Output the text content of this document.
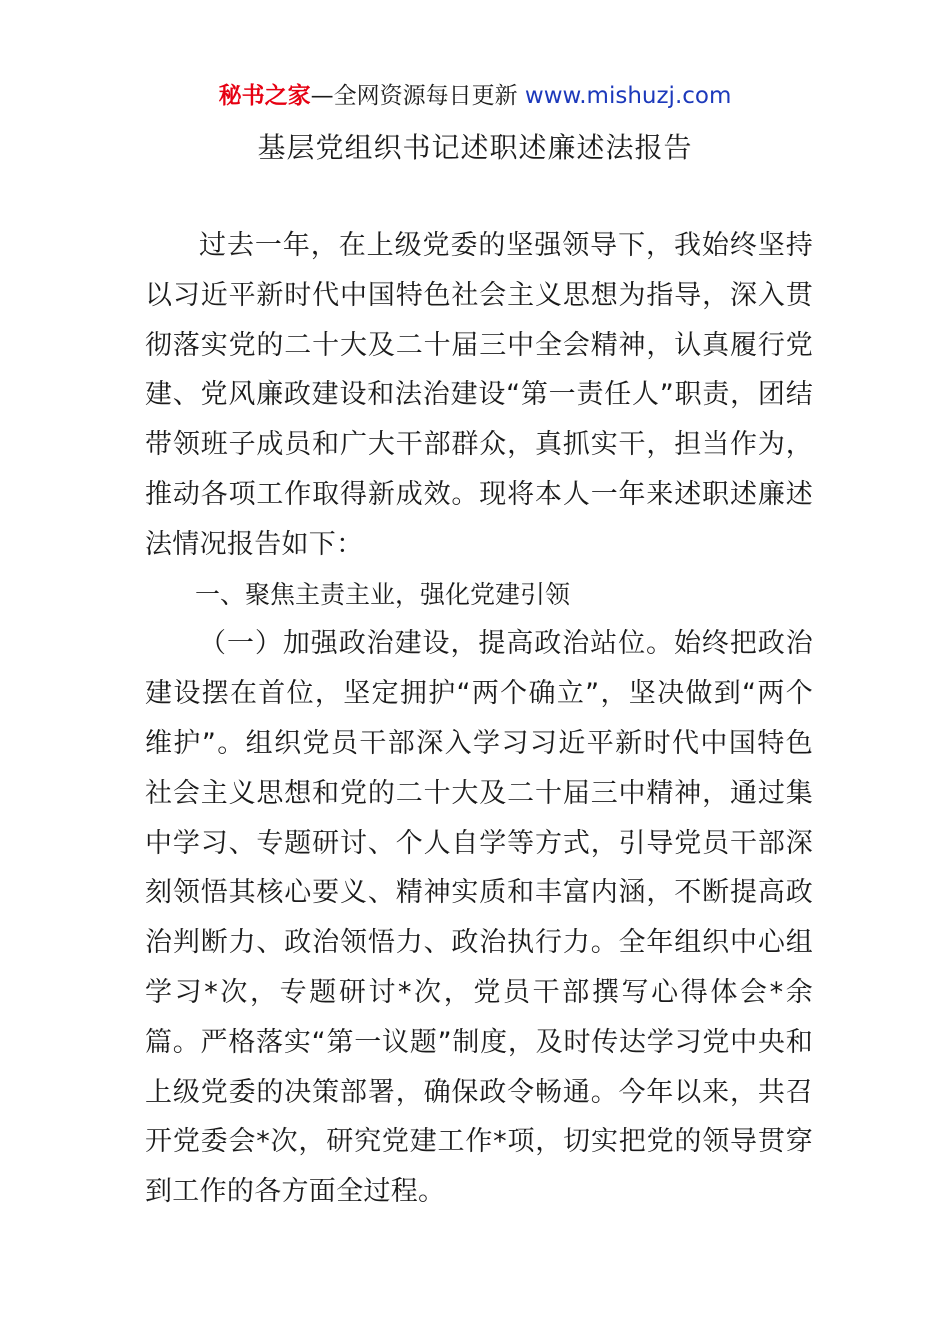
秘书之家—全网资源每日更新 www.mishuzj.com
基层党组织书记述职述廉述法报告

过去一年，在上级党委的坚强领导下，我始终坚持以习近平新时代中国特色社会主义思想为指导，深入贯彻落实党的二十大及二十届三中全会精神，认真履行党建、党风廉政建设和法治建设“第一责任人”职责，团结带领班子成员和广大干部群众，真抓实干，担当作为，推动各项工作取得新成效。现将本人一年来述职述廉述法情况报告如下：

一、聚焦主责主业，强化党建引领

（一）加强政治建设，提高政治站位。始终把政治建设摆在首位，坚定拥护“两个确立”，坚决做到“两个维护”。组织党员干部深入学习习近平新时代中国特色社会主义思想和党的二十大及二十届三中精神，通过集中学习、专题研讨、个人自学等方式，引导党员干部深刻领悟其核心要义、精神实质和丰富内涵，不断提高政治判断力、政治领悟力、政治执行力。全年组织中心组学习*次，专题研讨*次，党员干部撰写心得体会*余篇。严格落实“第一议题”制度，及时传达学习党中央和上级党委的决策部署，确保政令畅通。今年以来，共召开党委会*次，研究党建工作*项，切实把党的领导贯穿到工作的各方面全过程。
